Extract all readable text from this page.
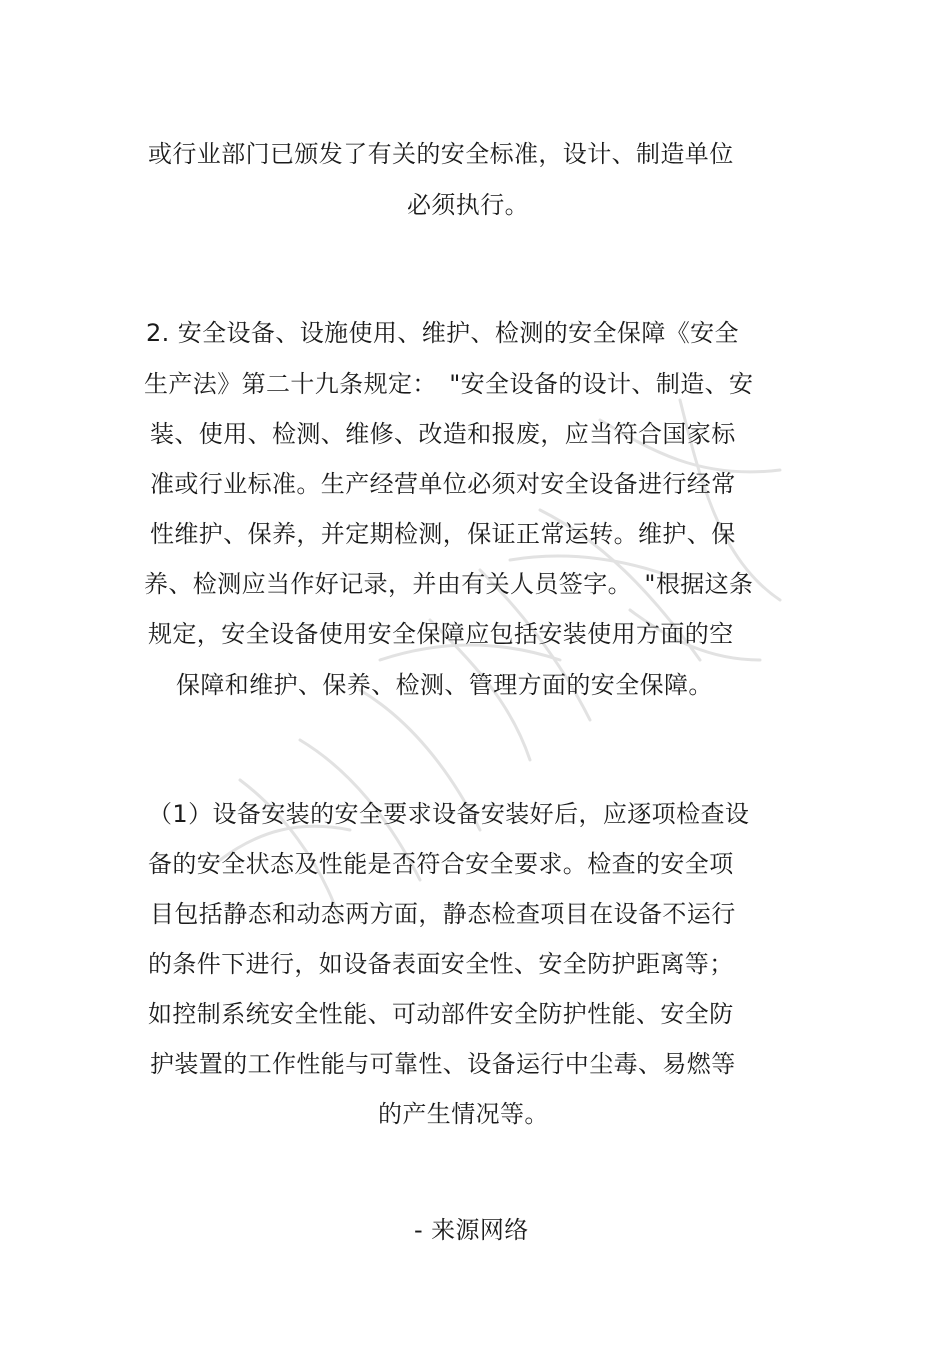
或行业部门已颁发了有关的安全标准，设计、制造单位
必须执行。
2. 安全设备、设施使用、维护、检测的安全保障《安全
生产法》第二十九条规定：　"安全设备的设计、制造、安
装、使用、检测、维修、改造和报废，应当符合国家标
准或行业标准。生产经营单位必须对安全设备进行经常
性维护、保养，并定期检测，保证正常运转。维护、保
养、检测应当作好记录，并由有关人员签字。　"根据这条
规定，安全设备使用安全保障应包括安装使用方面的空
保障和维护、保养、检测、管理方面的安全保障。
（1）设备安装的安全要求设备安装好后，应逐项检查设
备的安全状态及性能是否符合安全要求。检查的安全项
目包括静态和动态两方面，静态检查项目在设备不运行
的条件下进行，如设备表面安全性、安全防护距离等；
如控制系统安全性能、可动部件安全防护性能、安全防
护装置的工作性能与可靠性、设备运行中尘毒、易燃等
的产生情况等。
- 来源网络
